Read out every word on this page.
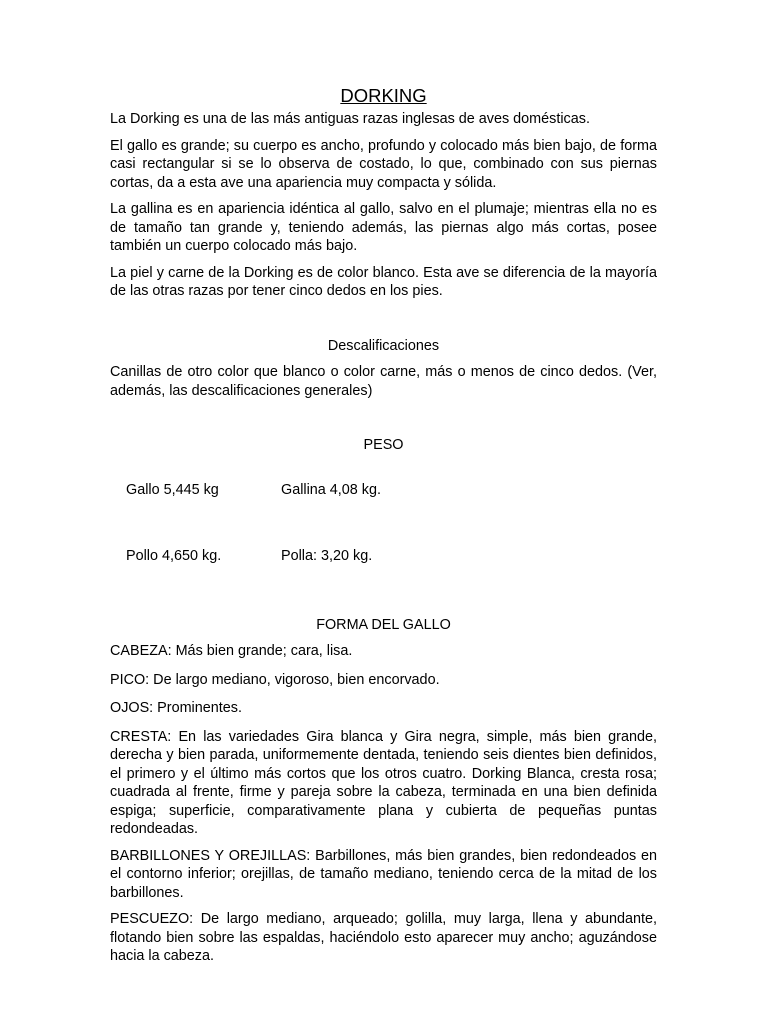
DORKING

La Dorking es una de las más antiguas razas inglesas de aves domésticas.

El gallo es grande; su cuerpo es ancho, profundo y colocado más bien bajo, de forma casi rectangular si se lo observa de costado, lo que, combinado con sus piernas cortas, da a esta ave una apariencia muy compacta y sólida.

La gallina es en apariencia idéntica al gallo, salvo en el plumaje; mientras ella no es de tamaño tan grande y, teniendo además, las piernas algo más cortas, posee también un cuerpo colocado más bajo.

La piel y carne de la Dorking es de color blanco. Esta ave se diferencia de la mayoría de las otras razas por tener cinco dedos en los pies.

Descalificaciones

Canillas de otro color que blanco o color carne, más o menos de cinco dedos. (Ver, además, las descalificaciones generales)

PESO

Gallo 5,445 kg	Gallina 4,08 kg.

Pollo 4,650 kg.	Polla: 3,20 kg.

FORMA DEL GALLO

CABEZA: Más bien grande; cara, lisa.

PICO: De largo mediano, vigoroso, bien encorvado.

OJOS: Prominentes.

CRESTA: En las variedades Gira blanca y Gira negra, simple, más bien grande, derecha y bien parada, uniformemente dentada, teniendo seis dientes bien definidos, el primero y el último más cortos que los otros cuatro. Dorking Blanca, cresta rosa; cuadrada al frente, firme y pareja sobre la cabeza, terminada en una bien definida espiga; superficie, comparativamente plana y cubierta de pequeñas puntas redondeadas.

BARBILLONES Y OREJILLAS: Barbillones, más bien grandes, bien redondeados en el contorno inferior; orejillas, de tamaño mediano, teniendo cerca de la mitad de los barbillones.

PESCUEZO: De largo mediano, arqueado; golilla, muy larga, llena y abundante, flotando bien sobre las espaldas, haciéndolo esto aparecer muy ancho; aguzándose hacia la cabeza.
